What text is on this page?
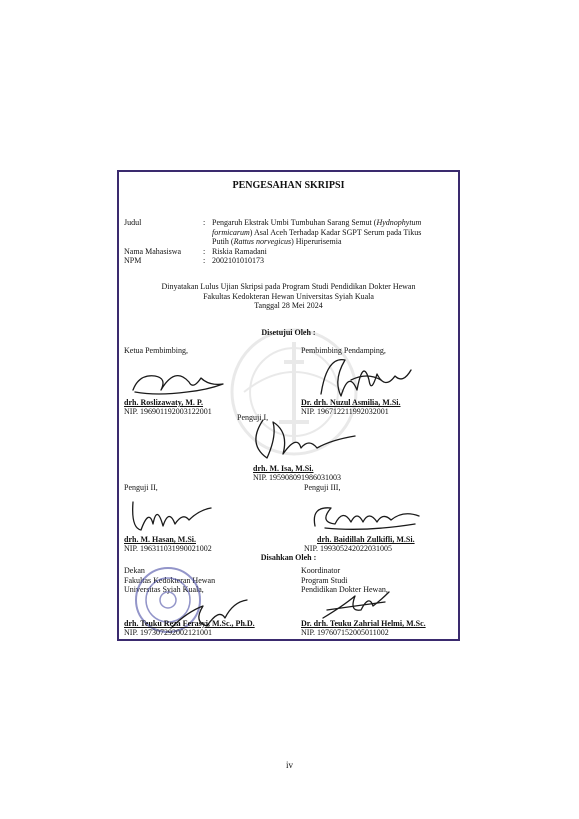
PENGESAHAN SKRIPSI
Judul	: Pengaruh Ekstrak Umbi Tumbuhan Sarang Semut (Hydnophytum
formicarum) Asal Aceh Terhadap Kadar SGPT Serum pada Tikus
Putih (Rattus norvegicus) Hiperurisemia
Nama Mahasiswa	: Riskia Ramadani
NPM	: 2002101010173
Dinyatakan Lulus Ujian Skripsi pada Program Studi Pendidikan Dokter Hewan
Fakultas Kedokteran Hewan Universitas Syiah Kuala
Tanggal 28 Mei 2024
Disetujui Oleh :
Ketua Pembimbing,
drh. Roslizawaty, M. P.
NIP. 196901192003122001
Pembimbing Pendamping,
Dr. drh. Nuzul Asmilia, M.Si.
NIP. 196712211992032001
Penguji I,
drh. M. Isa, M.Si.
NIP. 195908091986031003
Penguji II,
drh. M. Hasan, M.Si.
NIP. 196311031990021002
Penguji III,
drh. Baidillah Zulkifli, M.Si.
NIP. 199305242022031005
Disahkan Oleh :
Dekan
Fakultas Kedokteran Hewan
Universitas Syiah Kuala,
drh. Teuku Reza Ferasyi, M.Sc., Ph.D.
NIP. 197307292002121001
Koordinator
Program Studi
Pendidikan Dokter Hewan,
Dr. drh. Teuku Zahrial Helmi, M.Sc.
NIP. 197607152005011002
iv
